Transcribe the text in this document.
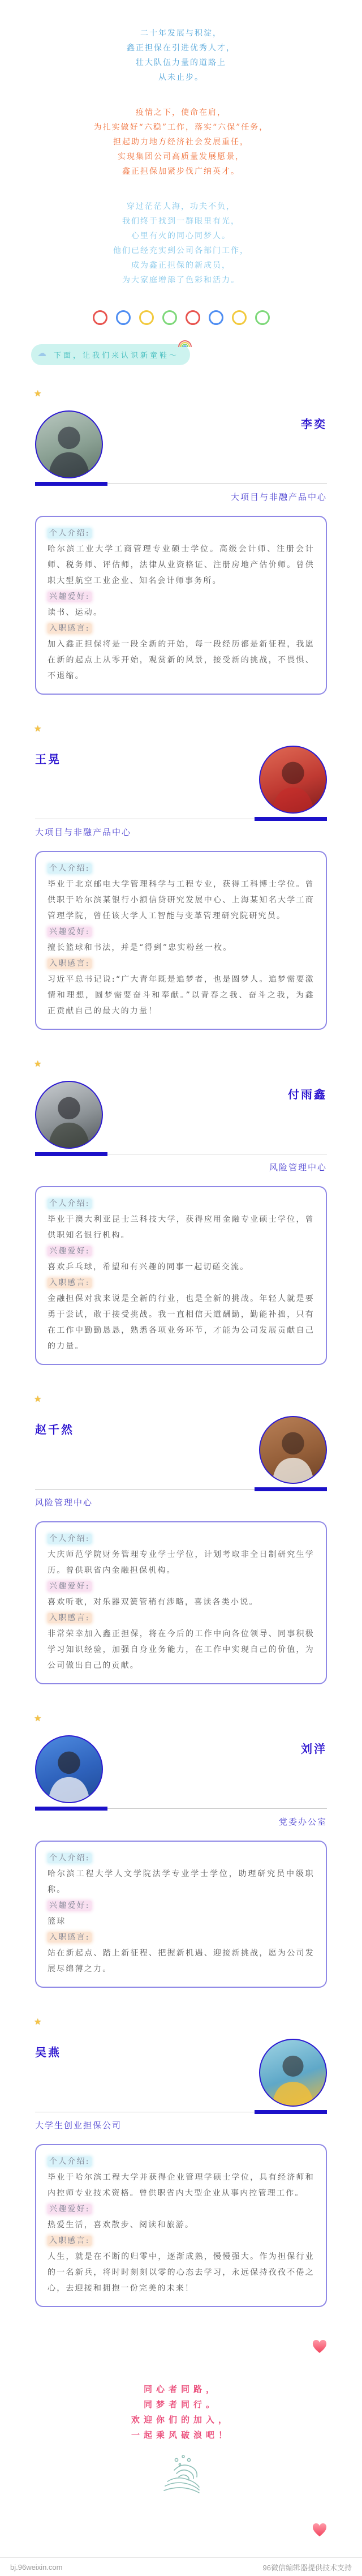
二十年发展与积淀，
鑫正担保在引进优秀人才，
壮大队伍力量的道路上
从未止步。
疫情之下，使命在肩，
为扎实做好“六稳”工作，落实“六保”任务，
担起助力地方经济社会发展重任，
实现集团公司高质量发展愿景，
鑫正担保加紧步伐广纳英才。
穿过茫茫人海，功夫不负，
我们终于找到一群眼里有光，
心里有火的同心同梦人。
他们已经充实到公司各部门工作，
成为鑫正担保的新成员，
为大家庭增添了色彩和活力。
☁ 下面，让我们来认识新童鞋～
★
李奕
大项目与非融产品中心
个人介绍:
哈尔滨工业大学工商管理专业硕士学位。高级会计师、注册会计师、税务师、评估师，法律从业资格证、注册房地产估价师。曾供职大型航空工业企业、知名会计师事务所。
兴趣爱好:
读书、运动。
入职感言:
加入鑫正担保将是一段全新的开始，每一段经历都是新征程，我愿在新的起点上从零开始，观赏新的风景，接受新的挑战，不畏惧、不退缩。
★
王晃
大项目与非融产品中心
个人介绍:
毕业于北京邮电大学管理科学与工程专业，获得工科博士学位。曾供职于哈尔滨某银行小额信贷研究发展中心、上海某知名大学工商管理学院，曾任该大学人工智能与变革管理研究院研究员。
兴趣爱好:
擅长篮球和书法，并是“得到”忠实粉丝一枚。
入职感言:
习近平总书记说:“广大青年既是追梦者，也是圆梦人。追梦需要激情和理想，圆梦需要奋斗和奉献。”以青春之我、奋斗之我，为鑫正贡献自己的最大的力量！
★
付雨鑫
风险管理中心
个人介绍:
毕业于澳大利亚昆士兰科技大学，获得应用金融专业硕士学位，曾供职知名银行机构。
兴趣爱好:
喜欢乒乓球，希望和有兴趣的同事一起切磋交流。
入职感言:
金融担保对我来说是全新的行业，也是全新的挑战。年轻人就是要勇于尝试，敢于接受挑战。我一直相信天道酬勤，勤能补拙，只有在工作中勤勤恳恳，熟悉各项业务环节，才能为公司发展贡献自己的力量。
★
赵千然
风险管理中心
个人介绍:
大庆师范学院财务管理专业学士学位，计划考取非全日制研究生学历。曾供职省内金融担保机构。
兴趣爱好:
喜欢听歌，对乐器双簧管稍有涉略，喜读各类小说。
入职感言:
非常荣幸加入鑫正担保，将在今后的工作中向各位领导、同事积极学习知识经验，加强自身业务能力，在工作中实现自己的价值，为公司做出自己的贡献。
★
刘洋
党委办公室
个人介绍:
哈尔滨工程大学人文学院法学专业学士学位，助理研究员中级职称。
兴趣爱好:
篮球
入职感言:
站在新起点、踏上新征程、把握新机遇、迎接新挑战，愿为公司发展尽绵薄之力。
★
吴燕
大学生创业担保公司
个人介绍:
毕业于哈尔滨工程大学并获得企业管理学硕士学位，具有经济师和内控师专业技术资格。曾供职省内大型企业从事内控管理工作。
兴趣爱好:
热爱生活，喜欢散步、阅读和旅游。
入职感言:
人生，就是在不断的归零中，逐渐成熟，慢慢强大。作为担保行业的一名新兵，将时时刻刻以零的心态去学习，永远保持孜孜不倦之心，去迎接和拥抱一份完美的未来！
同心者同路，
同梦者同行。
欢迎你们的加入，
一起乘风破浪吧！
bj.96weixin.com	96微信编辑器提供技术支持
